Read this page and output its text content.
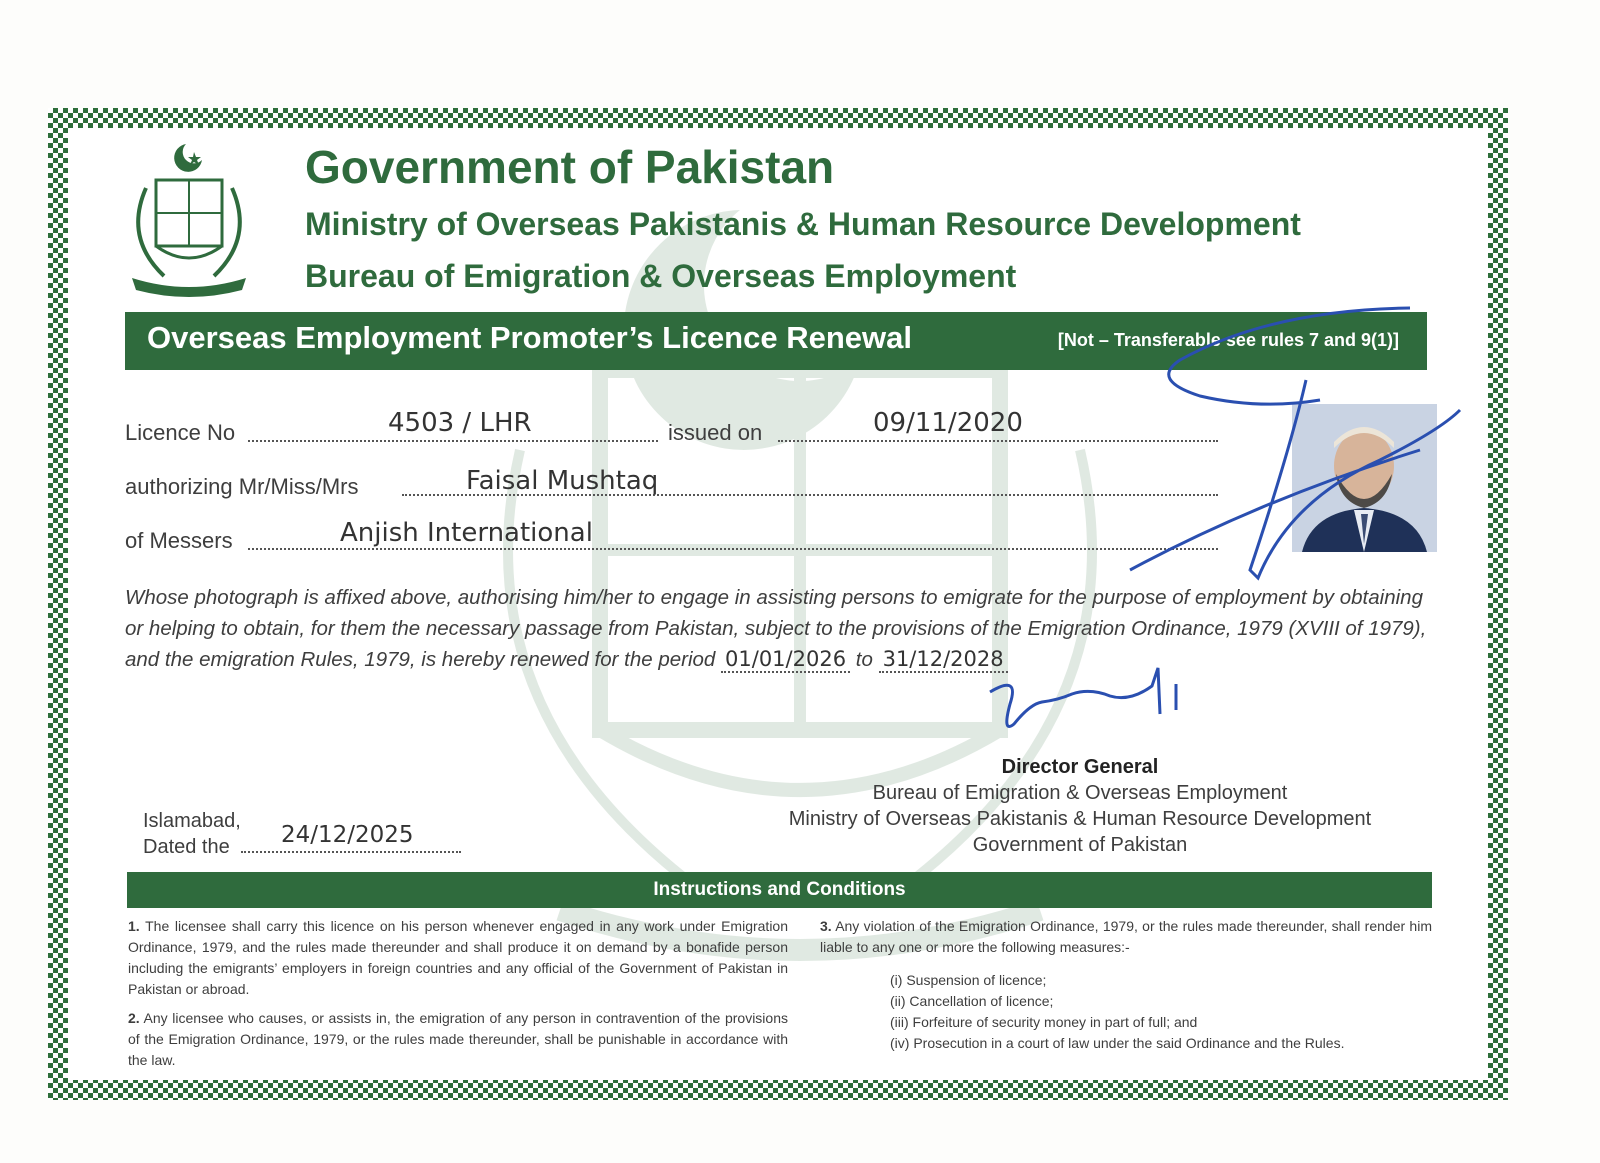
Government of Pakistan
Ministry of Overseas Pakistanis & Human Resource Development
Bureau of Emigration & Overseas Employment
Overseas Employment Promoter’s Licence Renewal	[Not – Transferable see rules 7 and 9(1)]
Licence No	4503 / LHR	issued on	09/11/2020
authorizing Mr/Miss/Mrs	Faisal Mushtaq
of Messers	Anjish International

Whose photograph is affixed above, authorising him/her to engage in assisting persons to emigrate for the purpose of employment by obtaining

or helping to obtain, for them the necessary passage from Pakistan, subject to the provisions of the Emigration Ordinance, 1979 (XVIII of 1979),

and the emigration Rules, 1979, is hereby renewed for the period 01/01/2026 to 31/12/2028

Director General
Bureau of Emigration & Overseas Employment
Ministry of Overseas Pakistanis & Human Resource Development
Government of Pakistan
Islamabad,
Dated the 24/12/2025
Instructions and Conditions

1. The licensee shall carry this licence on his person whenever engaged in any work under Emigration Ordinance, 1979, and the rules made thereunder and shall produce it on demand by a bonafide person including the emigrants’ employers in foreign countries and any official of the Government of Pakistan in Pakistan or abroad.

2. Any licensee who causes, or assists in, the emigration of any person in contravention of the provisions of the Emigration Ordinance, 1979, or the rules made thereunder, shall be punishable in accordance with the law.

3. Any violation of the Emigration Ordinance, 1979, or the rules made thereunder, shall render him liable to any one or more the following measures:-

(i) Suspension of licence;
(ii) Cancellation of licence;
(iii) Forfeiture of security money in part of full; and
(iv) Prosecution in a court of law under the said Ordinance and the Rules.
